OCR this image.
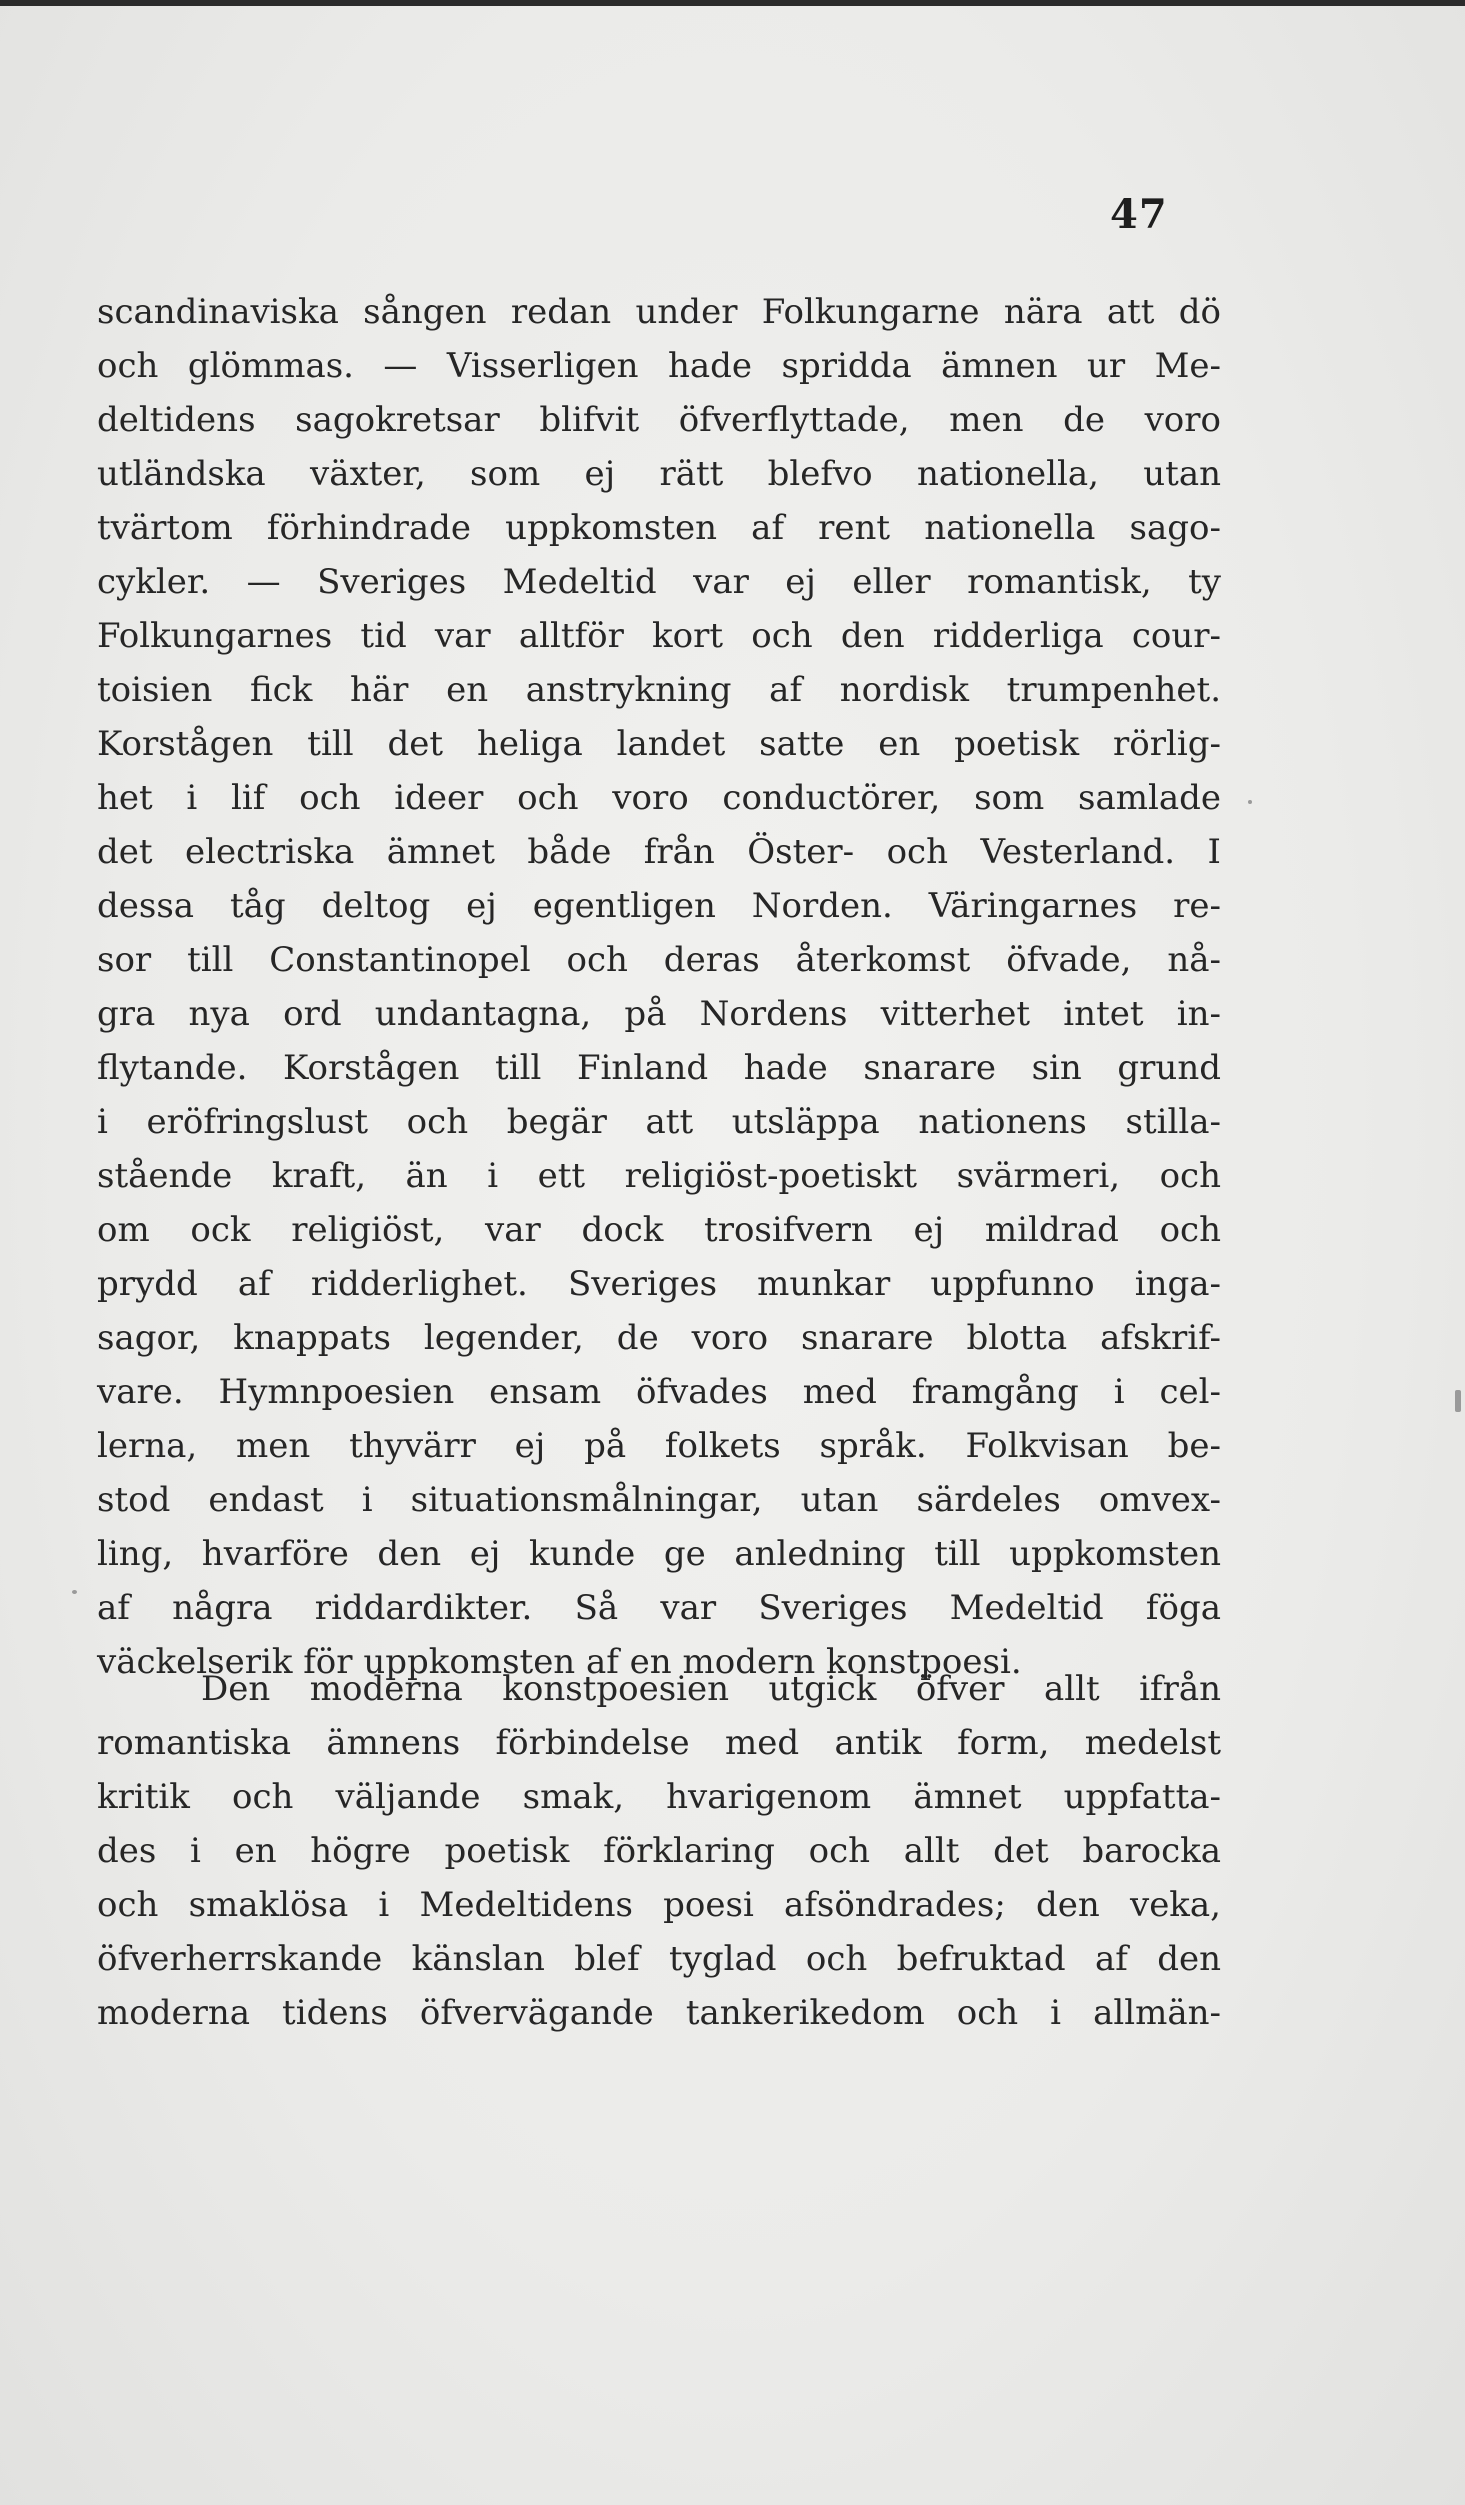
47
scandinaviska sången redan under Folkungarne nära att dö
och glömmas. — Visserligen hade spridda ämnen ur Me-
deltidens sagokretsar blifvit öfverflyttade, men de voro
utländska växter, som ej rätt blefvo nationella, utan
tvärtom förhindrade uppkomsten af rent nationella sago-
cykler. — Sveriges Medeltid var ej eller romantisk, ty
Folkungarnes tid var alltför kort och den ridderliga cour-
toisien fick här en anstrykning af nordisk trumpenhet.
Korstågen till det heliga landet satte en poetisk rörlig-
het i lif och ideer och voro conductörer, som samlade
det electriska ämnet både från Öster- och Vesterland. I
dessa tåg deltog ej egentligen Norden. Väringarnes re-
sor till Constantinopel och deras återkomst öfvade, nå-
gra nya ord undantagna, på Nordens vitterhet intet in-
flytande. Korstågen till Finland hade snarare sin grund
i eröfringslust och begär att utsläppa nationens stilla-
stående kraft, än i ett religiöst-poetiskt svärmeri, och
om ock religiöst, var dock trosifvern ej mildrad och
prydd af ridderlighet. Sveriges munkar uppfunno inga-
sagor, knappats legender, de voro snarare blotta afskrif-
vare. Hymnpoesien ensam öfvades med framgång i cel-
lerna, men thyvärr ej på folkets språk. Folkvisan be-
stod endast i situationsmålningar, utan särdeles omvex-
ling, hvarföre den ej kunde ge anledning till uppkomsten
af några riddardikter. Så var Sveriges Medeltid föga
väckelserik för uppkomsten af en modern konstpoesi.
Den moderna konstpoesien utgick öfver allt ifrån
romantiska ämnens förbindelse med antik form, medelst
kritik och väljande smak, hvarigenom ämnet uppfatta-
des i en högre poetisk förklaring och allt det barocka
och smaklösa i Medeltidens poesi afsöndrades; den veka,
öfverherrskande känslan blef tyglad och befruktad af den
moderna tidens öfvervägande tankerikedom och i allmän-
